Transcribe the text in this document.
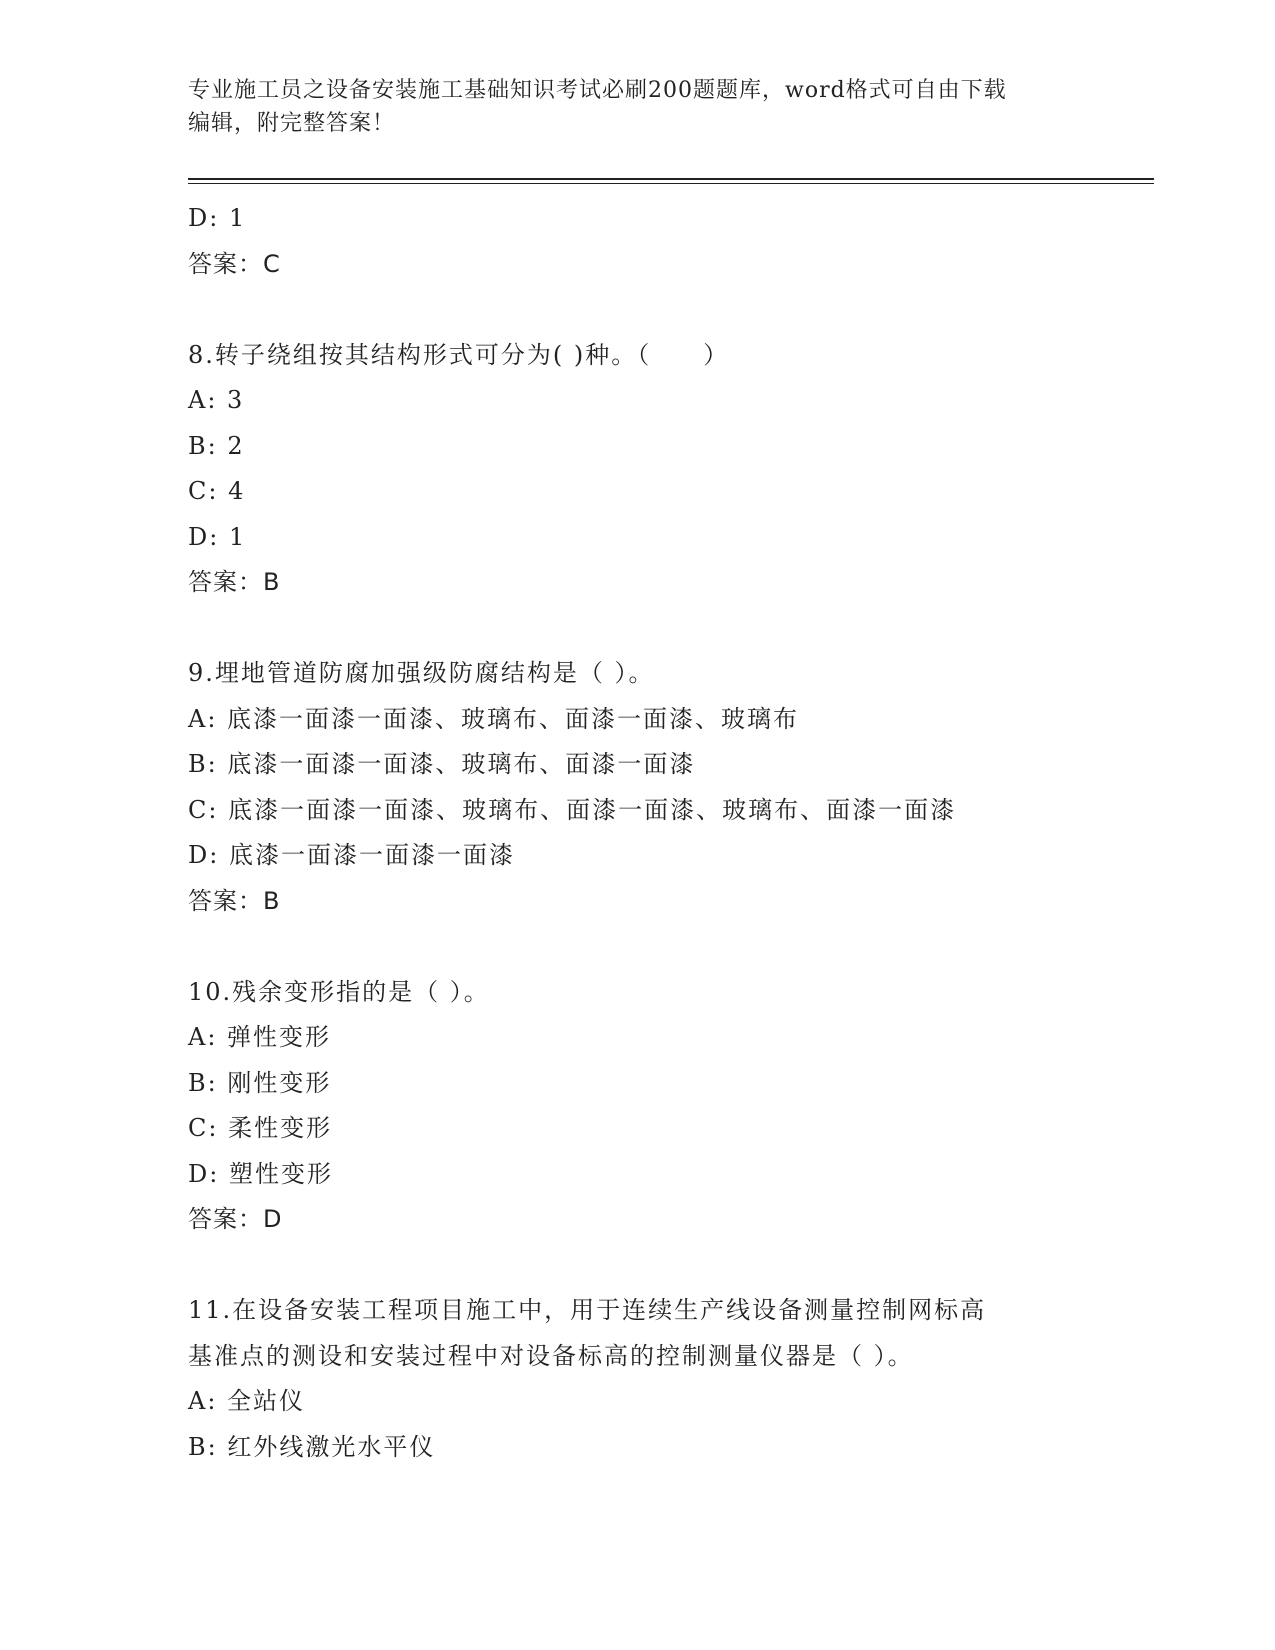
专业施工员之设备安装施工基础知识考试必刷200题题库，word格式可自由下载
编辑，附完整答案！
D: 1
答案：C
8.转子绕组按其结构形式可分为( )种。（　　）
A: 3
B: 2
C: 4
D: 1
答案：B
9.埋地管道防腐加强级防腐结构是（ ）。
A: 底漆一面漆一面漆、玻璃布、面漆一面漆、玻璃布
B: 底漆一面漆一面漆、玻璃布、面漆一面漆
C: 底漆一面漆一面漆、玻璃布、面漆一面漆、玻璃布、面漆一面漆
D: 底漆一面漆一面漆一面漆
答案：B
10.残余变形指的是（ ）。
A: 弹性变形
B: 刚性变形
C: 柔性变形
D: 塑性变形
答案：D
11.在设备安装工程项目施工中，用于连续生产线设备测量控制网标高
基准点的测设和安装过程中对设备标高的控制测量仪器是（ ）。
A: 全站仪
B: 红外线激光水平仪
